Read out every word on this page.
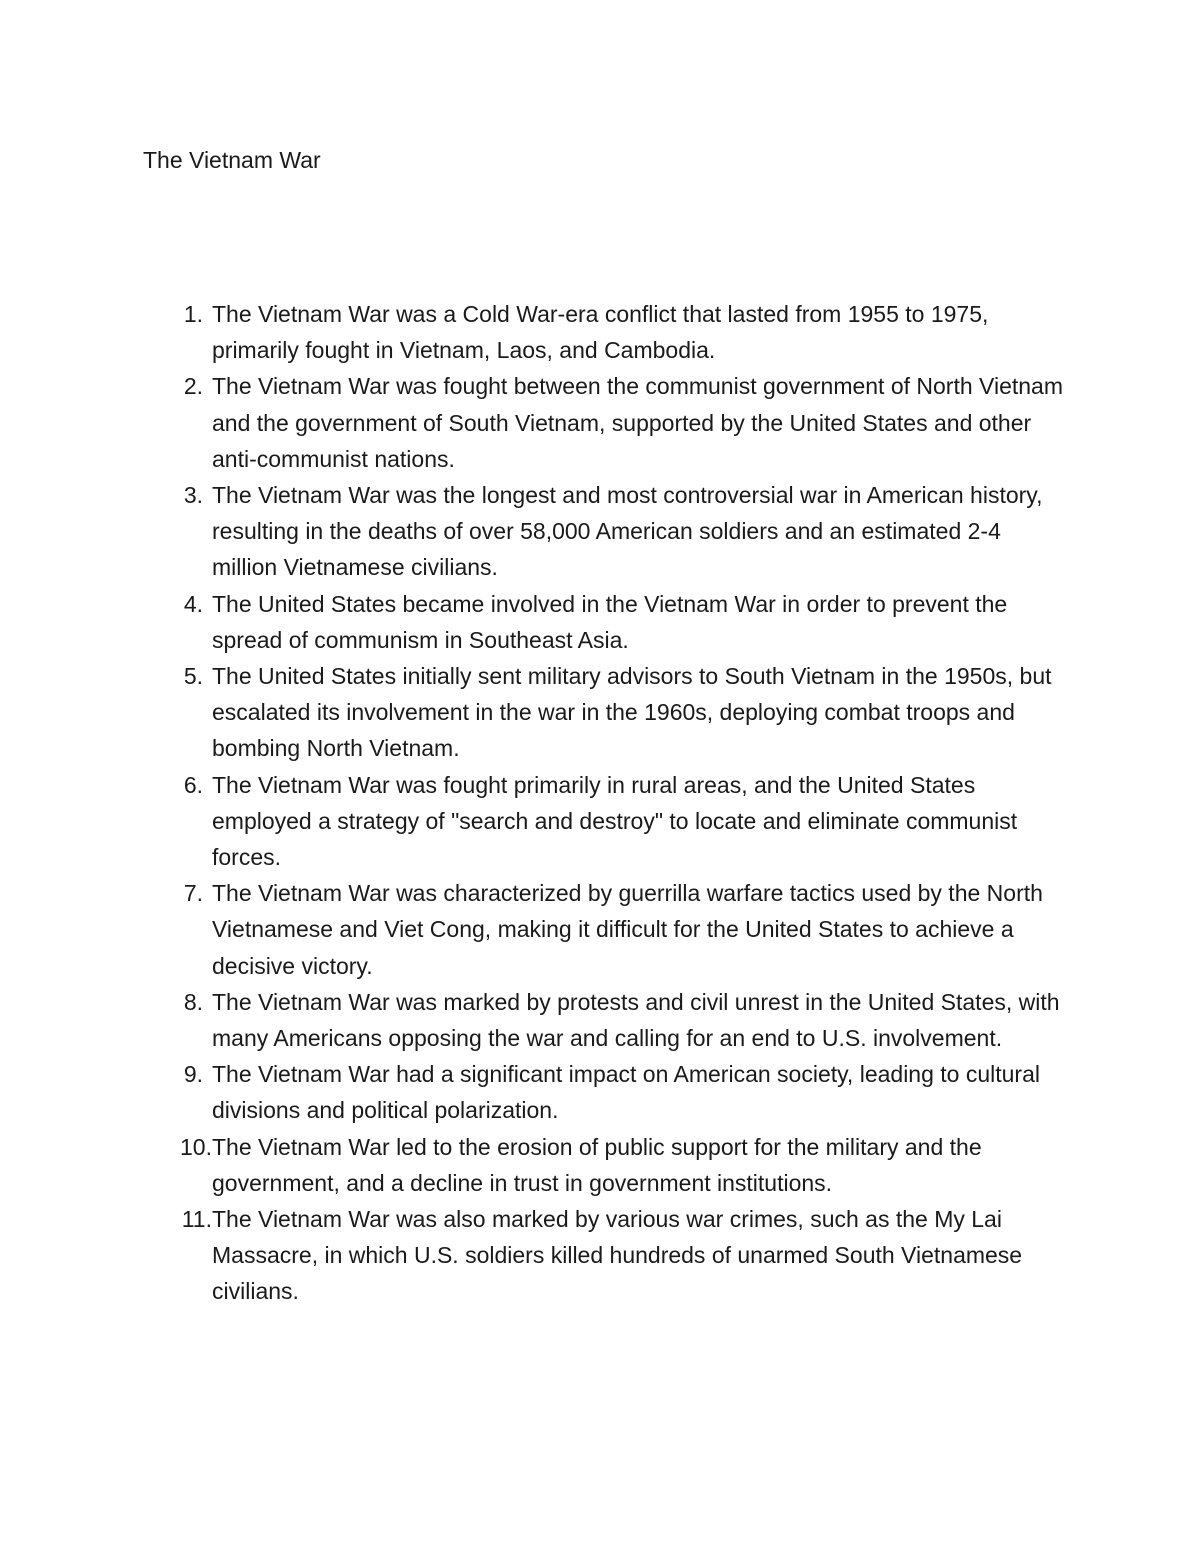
The Vietnam War
1. The Vietnam War was a Cold War-era conflict that lasted from 1955 to 1975, primarily fought in Vietnam, Laos, and Cambodia.
2. The Vietnam War was fought between the communist government of North Vietnam and the government of South Vietnam, supported by the United States and other anti-communist nations.
3. The Vietnam War was the longest and most controversial war in American history, resulting in the deaths of over 58,000 American soldiers and an estimated 2-4 million Vietnamese civilians.
4. The United States became involved in the Vietnam War in order to prevent the spread of communism in Southeast Asia.
5. The United States initially sent military advisors to South Vietnam in the 1950s, but escalated its involvement in the war in the 1960s, deploying combat troops and bombing North Vietnam.
6. The Vietnam War was fought primarily in rural areas, and the United States employed a strategy of "search and destroy" to locate and eliminate communist forces.
7. The Vietnam War was characterized by guerrilla warfare tactics used by the North Vietnamese and Viet Cong, making it difficult for the United States to achieve a decisive victory.
8. The Vietnam War was marked by protests and civil unrest in the United States, with many Americans opposing the war and calling for an end to U.S. involvement.
9. The Vietnam War had a significant impact on American society, leading to cultural divisions and political polarization.
10. The Vietnam War led to the erosion of public support for the military and the government, and a decline in trust in government institutions.
11. The Vietnam War was also marked by various war crimes, such as the My Lai Massacre, in which U.S. soldiers killed hundreds of unarmed South Vietnamese civilians.
